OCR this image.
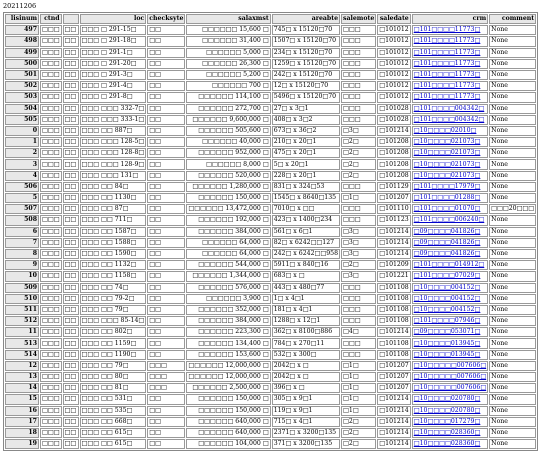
20211206
lisinum	ctnd		loc	checksyte	salaxmst	areabte	salemote	saledate	crm	comment
497	□□□	□□	□□□ □ 291-15□	□□	□□□□□□ 15,600 □	745□ x 15120□70	□□□	□101012	□101□□□□11773□	None
498	□□□	□□	□□□ □ 291-18□	□□	□□□□□□ 31,400 □	1507□ x 15120□70	□□□	□101012	□101□□□□11773□	None
499	□□□	□□	□□□ □ 291-1□	□□	□□□□□□ 5,000 □	234□ x 15120□70	□□□	□101012	□101□□□□11773□	None
500	□□□	□□	□□□ □ 291-20□	□□	□□□□□□ 26,300 □	1259□ x 15120□70	□□□	□101012	□101□□□□11773□	None
501	□□□	□□	□□□ □ 291-3□	□□	□□□□□□ 5,200 □	242□ x 15120□70	□□□	□101012	□101□□□□11773□	None
502	□□□	□□	□□□ □ 291-4□	□□	□□□□□□ 700 □	12□ x 15120□70	□□□	□101012	□101□□□□11773□	None
503	□□□	□□	□□□ □ 291-8□	□□	□□□□□□ 114,100 □	5496□ x 15120□70	□□□	□101012	□101□□□□11773□	None
504	□□□	□□	□□□ □□□ 332-7□	□□	□□□□□□ 272,700 □	27□ x 3□1	□□□	□101028	□101□□□□004342□	None
505	□□□	□□	□□□ □□□ 333-1□	□□	□□□□□□ 9,600,000 □	408□ x 3□2	□□□	□101028	□101□□□□004342□	None
0	□□□	□□	□□□ □□ 887□	□□	□□□□□□ 505,600 □	673□ x 36□2	□3□	□101214	□10□□□□02010□	None
1	□□□	□□	□□□ □□□ 128-5□	□□	□□□□□□ 40,000 □	210□ x 20□1	□2□	□101208	□10□□□□021073□	None
2	□□□	□□	□□□ □□□ 128-8□	□□	□□□□□□ 952,000 □	475□ x 20□1	□2□	□101208	□10□□□□021073□	None
3	□□□	□□	□□□ □□□ 128-9□	□□	□□□□□□ 8,000 □	5□ x 20□1	□2□	□101208	□10□□□□021073□	None
4	□□□	□□	□□□ □□□ 131□	□□	□□□□□□ 520,000 □	228□ x 20□1	□2□	□101208	□10□□□□021073□	None
506	□□□	□□	□□□ □□ 84□	□□	□□□□□□ 1,280,000 □	831□ x 324□53	□□□	□101129	□101□□□□17979□	None
5	□□□	□□	□□□ □□ 1130□	□□	□□□□□□ 150,000 □	1545□ x 8640□135	□1□	□101207	□101□□□□01288□	None
507	□□□	□□	□□□ □□ 87□	□□	□□□□□□ 13,472,000 □	7010□ x □□	□□□	□101110	□101□□□□01070□	□□□20□□□
508	□□□	□□	□□□ □□ 711□	□□	□□□□□□ 192,000 □	423□ x 1400□234	□□□	□101123	□101□□□□006240□	None
6	□□□	□□	□□□ □□ 1587□	□□	□□□□□□ 384,000 □	561□ x 6□1	□3□	□101214	□09□□□□041826□	None
7	□□□	□□	□□□ □□ 1588□	□□	□□□□□□ 64,000 □	82□ x 6242□□127	□3□	□101214	□09□□□□041826□	None
8	□□□	□□	□□□ □□ 1590□	□□	□□□□□□ 64,000 □	242□ x 6242□□958	□3□	□101214	□09□□□□041826□	None
9	□□□	□□	□□□ □□ 1132□	□□	□□□□□□ 544,000 □	5911□ x 840□16	□2□	□101209	□101□□□□014912□	None
10	□□□	□□	□□□ □□ 1158□	□□	□□□□□□ 1,344,000 □	683□ x □	□3□	□101221	□101□□□□07029□	None
509	□□□	□□	□□□ □□ 74□	□□	□□□□□□ 576,000 □	443□ x 480□77	□□□	□101108	□10□□□□004152□	None
510	□□□	□□	□□□ □□ 79-2□	□□	□□□□□□ 3,900 □	1□ x 4□1	□□□	□101108	□10□□□□004152□	None
511	□□□	□□	□□□ □□ 79□	□□	□□□□□□ 352,000 □	181□ x 4□1	□□□	□101108	□10□□□□004152□	None
512	□□□	□□	□□□ □□□ 85-14□	□□	□□□□□□ 384,000 □	1288□ x 12□1	□□□	□101108	□101□□□□07946□	None
11	□□□	□□	□□□ □□ 802□	□□	□□□□□□ 223,300 □	362□ x 8100□886	□4□	□101214	□09□□□□053071□	None
513	□□□	□□	□□□ □□ 1159□	□□	□□□□□□ 134,400 □	784□ x 270□11	□□□	□101108	□10□□□□013945□	None
514	□□□	□□	□□□ □□ 1190□	□□	□□□□□□ 153,600 □	532□ x 300□	□□□	□101108	□10□□□□013945□	None
12	□□□	□□	□□□ □□ 79□	□□□	□□□□□□ 12,000,000 □	2042□ x □	□1□	□101207	□10□□□□□007606□	None
13	□□□	□□	□□□ □□ 80□	□□□	□□□□□□ 12,000,000 □	2042□ x □	□1□	□101207	□10□□□□□007606□	None
14	□□□	□□	□□□ □□ 81□	□□□	□□□□□□ 2,500,000 □	396□ x □	□1□	□101207	□10□□□□□007606□	None
15	□□□	□□	□□□ □□ 531□	□□	□□□□□□ 150,000 □	305□ x 9□1	□1□	□101214	□10□□□□020780□	None
16	□□□	□□	□□□ □□ 535□	□□	□□□□□□ 150,000 □	119□ x 9□1	□1□	□101214	□10□□□□020780□	None
17	□□□	□□	□□□ □□ 668□	□□	□□□□□□ 640,000 □	715□ x 4□1	□2□	□101214	□10□□□□017279□	None
18	□□□	□□	□□□ □□ 615□	□□	□□□□□□ 640,000 □	2371□ x 3200□135	□2□	□101214	□10□□□□028360□	None
19	□□□	□□	□□□ □□ 615□	□□	□□□□□□ 104,000 □	371□ x 3200□135	□2□	□101214	□10□□□□028360□	None
